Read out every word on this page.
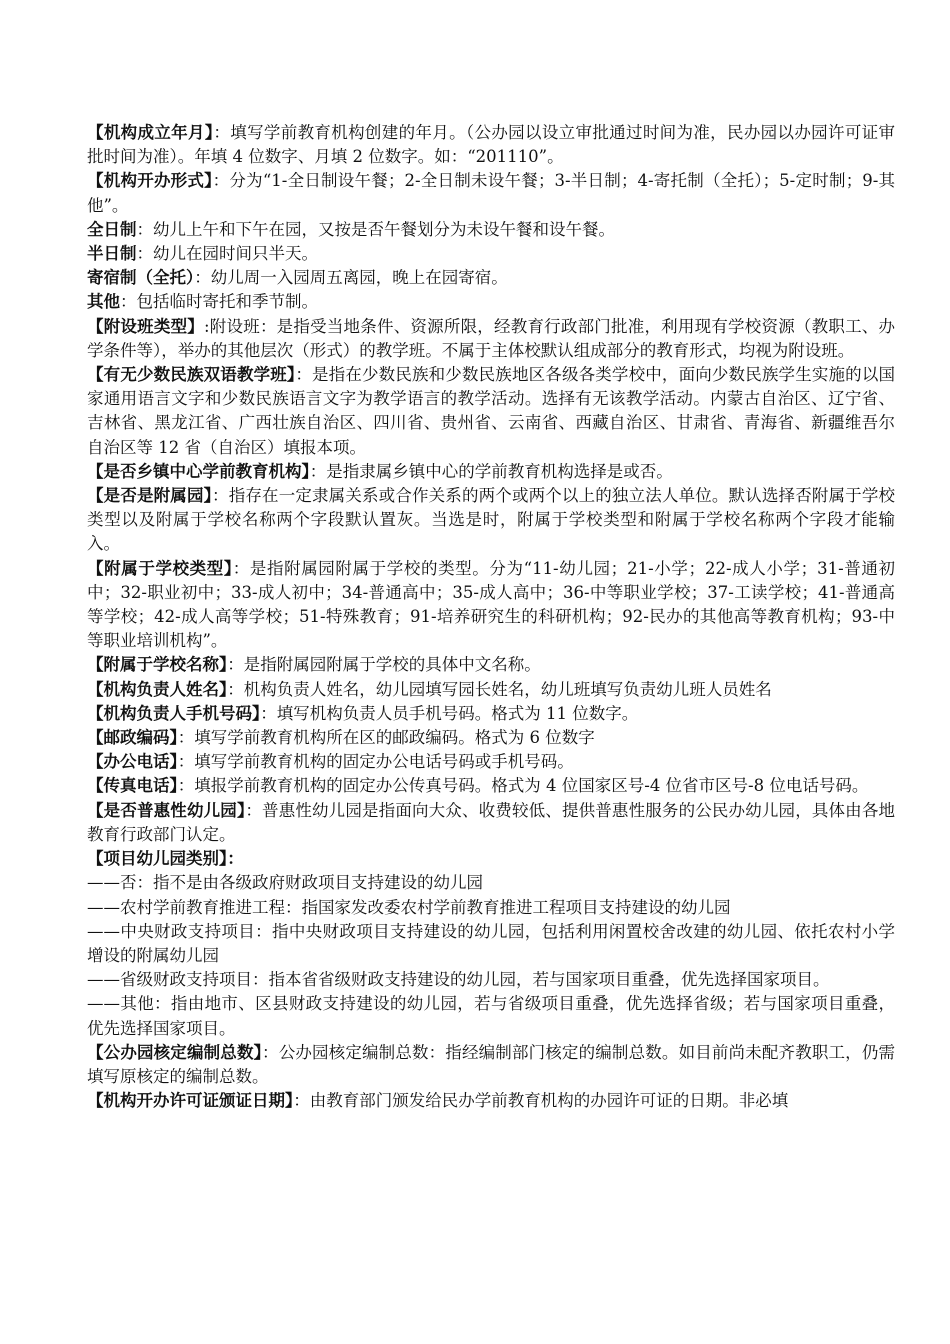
【机构成立年月】：填写学前教育机构创建的年月。（公办园以设立审批通过时间为准，民办园以办园许可证审批时间为准）。年填 4 位数字、月填 2 位数字。如：“201110”。

【机构开办形式】：分为“1-全日制设午餐；2-全日制未设午餐；3-半日制；4-寄托制（全托）；5-定时制；9-其他”。

全日制：幼儿上午和下午在园，又按是否午餐划分为未设午餐和设午餐。

半日制：幼儿在园时间只半天。

寄宿制（全托）：幼儿周一入园周五离园，晚上在园寄宿。

其他：包括临时寄托和季节制。

【附设班类型】:附设班：是指受当地条件、资源所限，经教育行政部门批准，利用现有学校资源（教职工、办学条件等），举办的其他层次（形式）的教学班。不属于主体校默认组成部分的教育形式，均视为附设班。

【有无少数民族双语教学班】：是指在少数民族和少数民族地区各级各类学校中，面向少数民族学生实施的以国家通用语言文字和少数民族语言文字为教学语言的教学活动。选择有无该教学活动。内蒙古自治区、辽宁省、吉林省、黑龙江省、广西壮族自治区、四川省、贵州省、云南省、西藏自治区、甘肃省、青海省、新疆维吾尔自治区等 12 省（自治区）填报本项。

【是否乡镇中心学前教育机构】：是指隶属乡镇中心的学前教育机构选择是或否。

【是否是附属园】：指存在一定隶属关系或合作关系的两个或两个以上的独立法人单位。默认选择否附属于学校类型以及附属于学校名称两个字段默认置灰。当选是时，附属于学校类型和附属于学校名称两个字段才能输入。

【附属于学校类型】：是指附属园附属于学校的类型。分为“11-幼儿园；21-小学；22-成人小学；31-普通初中；32-职业初中；33-成人初中；34-普通高中；35-成人高中；36-中等职业学校；37-工读学校；41-普通高等学校；42-成人高等学校；51-特殊教育；91-培养研究生的科研机构；92-民办的其他高等教育机构；93-中等职业培训机构”。

【附属于学校名称】：是指附属园附属于学校的具体中文名称。

【机构负责人姓名】：机构负责人姓名，幼儿园填写园长姓名，幼儿班填写负责幼儿班人员姓名

【机构负责人手机号码】：填写机构负责人员手机号码。格式为 11 位数字。

【邮政编码】：填写学前教育机构所在区的邮政编码。格式为 6 位数字

【办公电话】：填写学前教育机构的固定办公电话号码或手机号码。

【传真电话】：填报学前教育机构的固定办公传真号码。格式为 4 位国家区号-4 位省市区号-8 位电话号码。

【是否普惠性幼儿园】：普惠性幼儿园是指面向大众、收费较低、提供普惠性服务的公民办幼儿园，具体由各地教育行政部门认定。

【项目幼儿园类别】：

——否：指不是由各级政府财政项目支持建设的幼儿园

——农村学前教育推进工程：指国家发改委农村学前教育推进工程项目支持建设的幼儿园

——中央财政支持项目：指中央财政项目支持建设的幼儿园，包括利用闲置校舍改建的幼儿园、依托农村小学增设的附属幼儿园

——省级财政支持项目：指本省省级财政支持建设的幼儿园，若与国家项目重叠，优先选择国家项目。

——其他：指由地市、区县财政支持建设的幼儿园，若与省级项目重叠，优先选择省级；若与国家项目重叠，优先选择国家项目。

【公办园核定编制总数】：公办园核定编制总数：指经编制部门核定的编制总数。如目前尚未配齐教职工，仍需填写原核定的编制总数。

【机构开办许可证颁证日期】：由教育部门颁发给民办学前教育机构的办园许可证的日期。非必填
